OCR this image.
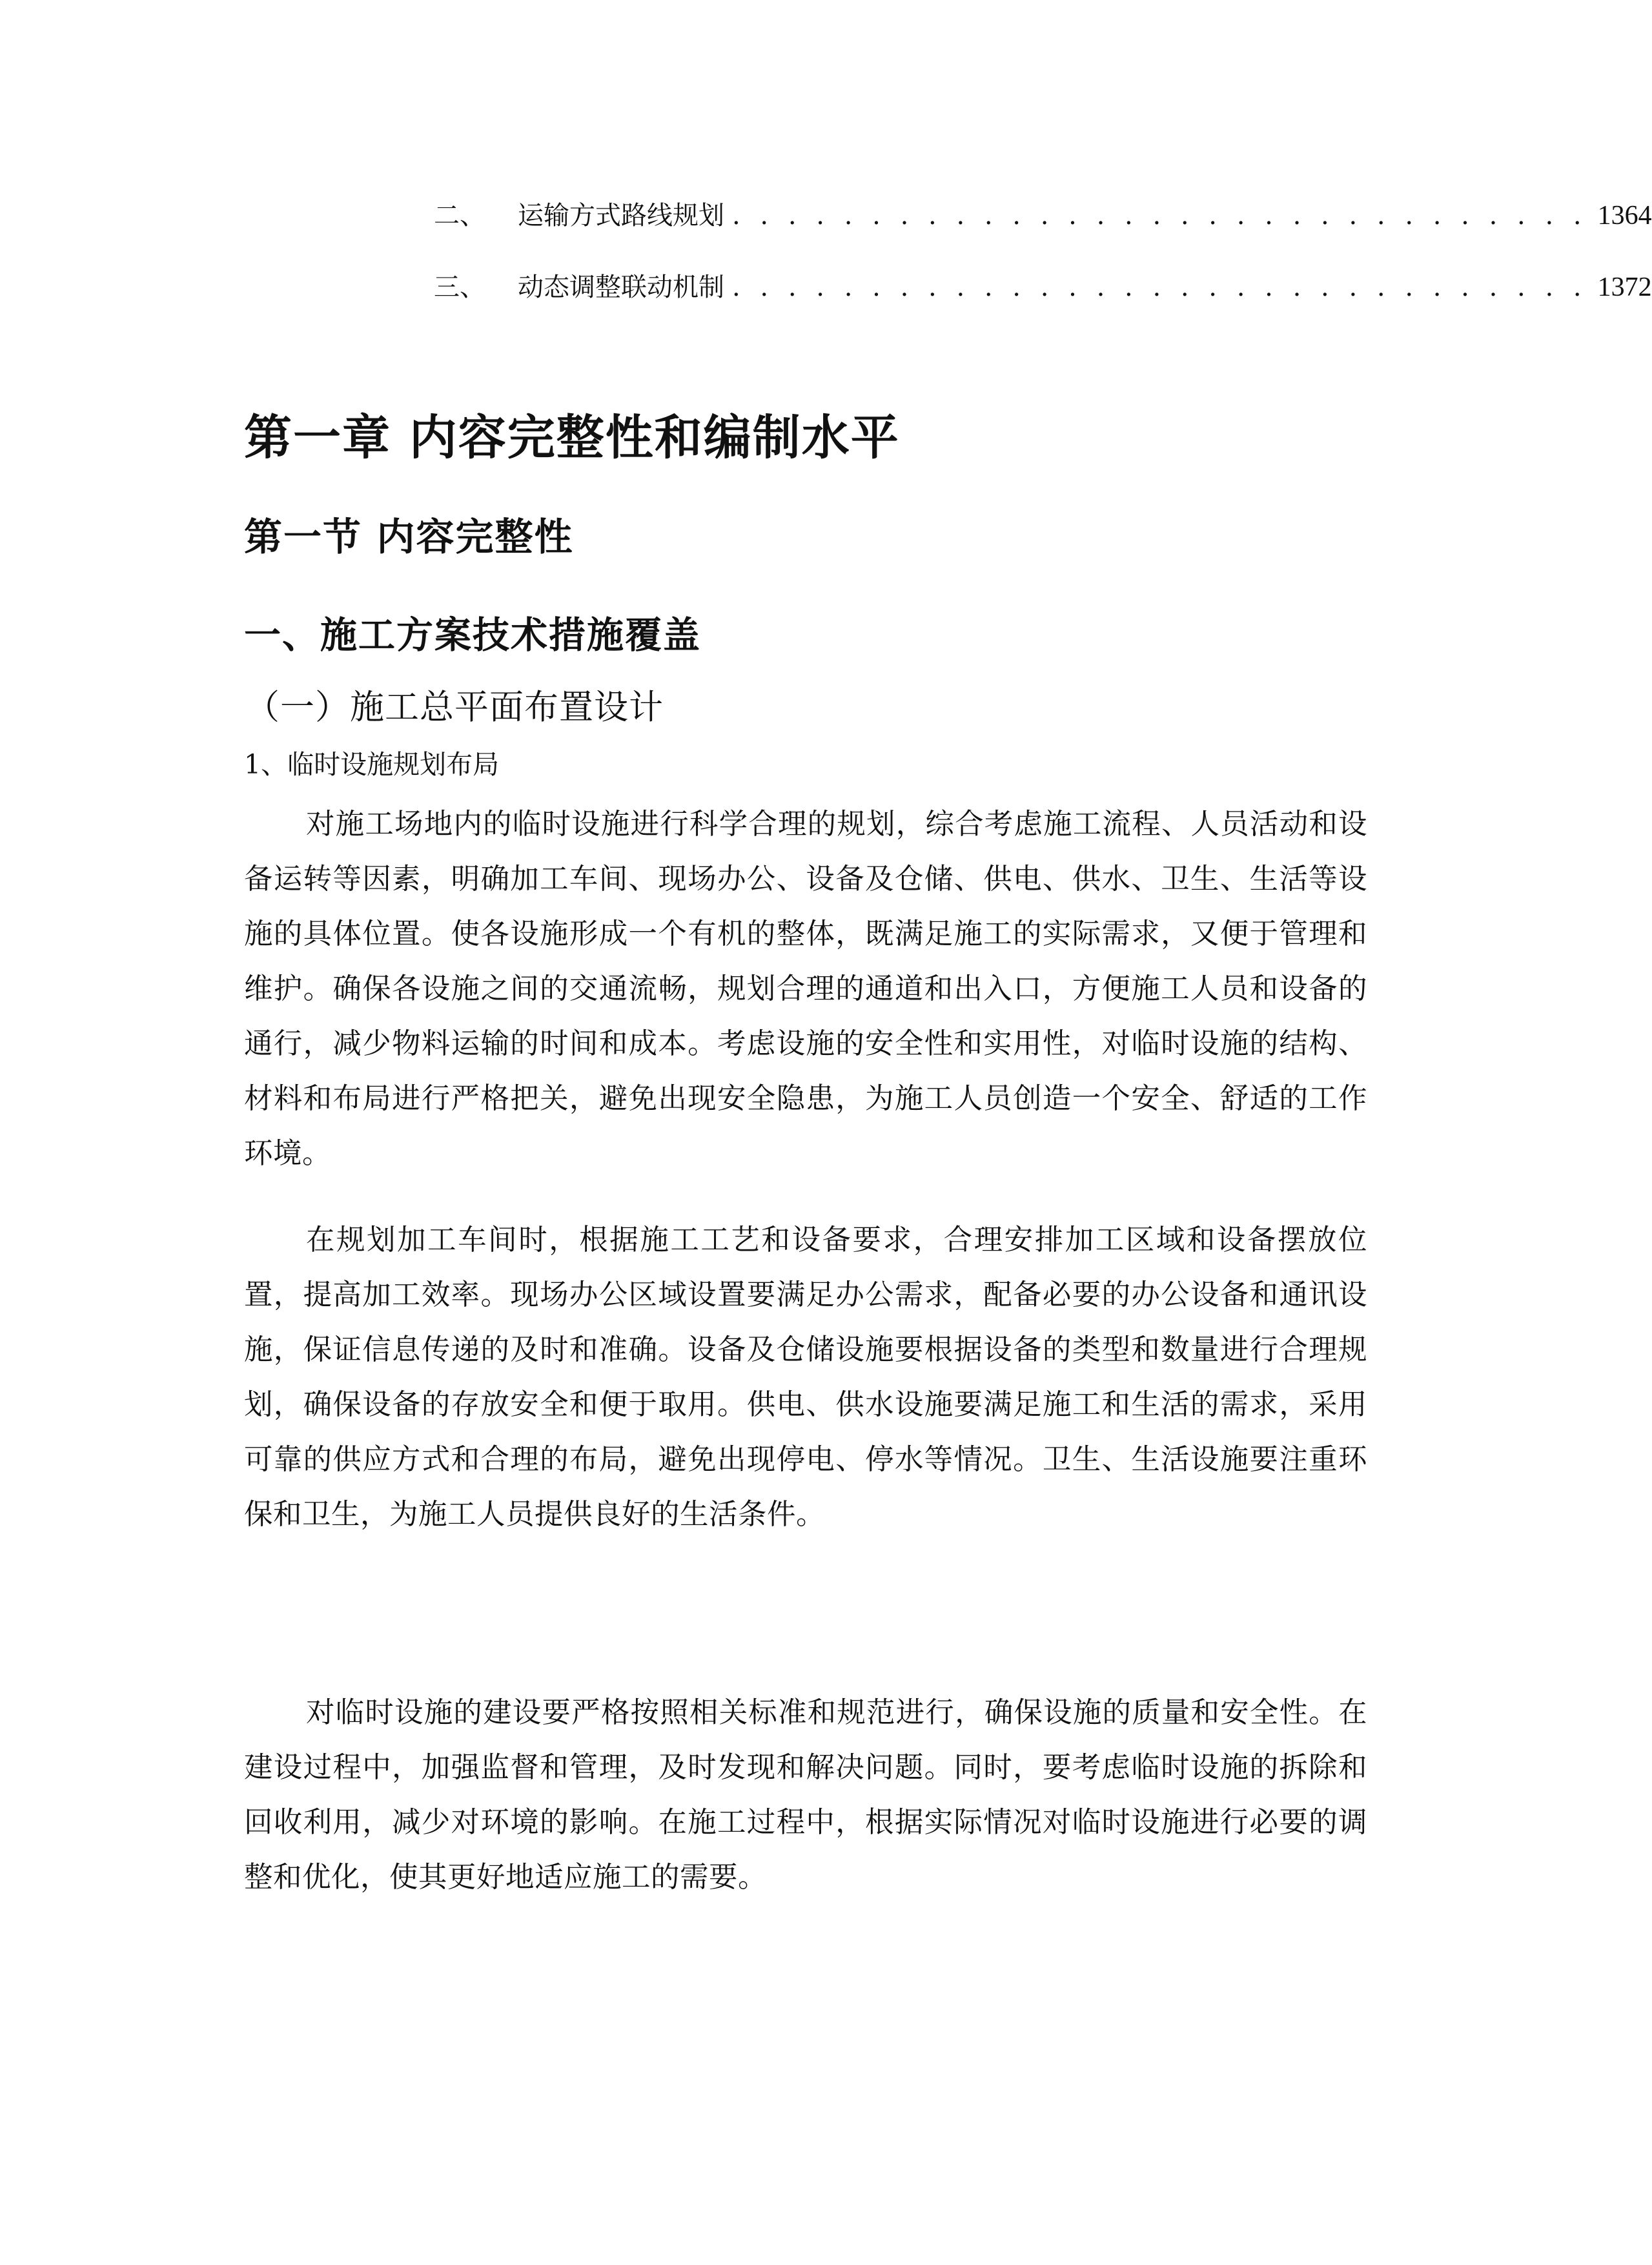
二、	运输方式路线规划 . . . . . . . . . . . . . . . . . . . . . . . . . . . . . . . 1364
三、	动态调整联动机制 . . . . . . . . . . . . . . . . . . . . . . . . . . . . . . . 1372
第一章 内容完整性和编制水平
第一节 内容完整性
一、施工方案技术措施覆盖
（一）施工总平面布置设计
1、临时设施规划布局

对施工场地内的临时设施进行科学合理的规划，综合考虑施工流程、人员活动和设备运转等因素，明确加工车间、现场办公、设备及仓储、供电、供水、卫生、生活等设施的具体位置。使各设施形成一个有机的整体，既满足施工的实际需求，又便于管理和维护。确保各设施之间的交通流畅，规划合理的通道和出入口，方便施工人员和设备的通行，减少物料运输的时间和成本。考虑设施的安全性和实用性，对临时设施的结构、材料和布局进行严格把关，避免出现安全隐患，为施工人员创造一个安全、舒适的工作环境。

在规划加工车间时，根据施工工艺和设备要求，合理安排加工区域和设备摆放位置，提高加工效率。现场办公区域设置要满足办公需求，配备必要的办公设备和通讯设施，保证信息传递的及时和准确。设备及仓储设施要根据设备的类型和数量进行合理规划，确保设备的存放安全和便于取用。供电、供水设施要满足施工和生活的需求，采用可靠的供应方式和合理的布局，避免出现停电、停水等情况。卫生、生活设施要注重环保和卫生，为施工人员提供良好的生活条件。

对临时设施的建设要严格按照相关标准和规范进行，确保设施的质量和安全性。在建设过程中，加强监督和管理，及时发现和解决问题。同时，要考虑临时设施的拆除和回收利用，减少对环境的影响。在施工过程中，根据实际情况对临时设施进行必要的调整和优化，使其更好地适应施工的需要。
